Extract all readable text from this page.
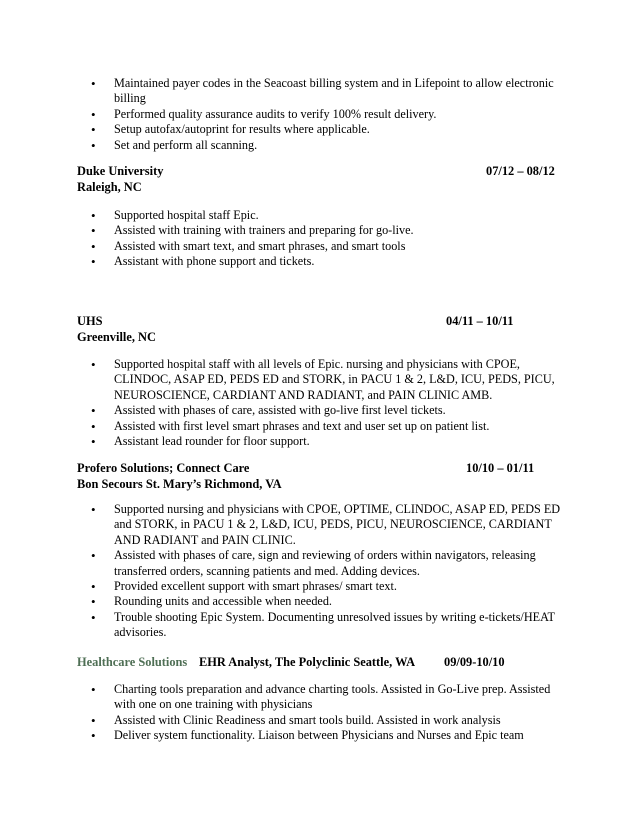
• Maintained payer codes in the Seacoast billing system and in Lifepoint to allow electronic billing
• Performed quality assurance audits to verify 100% result delivery.
• Setup autofax/autoprint for results where applicable.
• Set and perform all scanning.
Duke University	07/12 – 08/12
Raleigh, NC
• Supported hospital staff Epic.
• Assisted with training with trainers and preparing for go-live.
• Assisted with smart text, and smart phrases, and smart tools
• Assistant with phone support and tickets.
UHS	04/11 – 10/11
Greenville, NC
• Supported hospital staff with all levels of Epic. nursing and physicians with CPOE, CLINDOC, ASAP ED, PEDS ED and STORK, in PACU 1 & 2, L&D, ICU, PEDS, PICU, NEUROSCIENCE, CARDIANT AND RADIANT, and PAIN CLINIC AMB.
• Assisted with phases of care, assisted with go-live first level tickets.
• Assisted with first level smart phrases and text and user set up on patient list.
• Assistant lead rounder for floor support.
Profero Solutions; Connect Care	10/10 – 01/11
Bon Secours St. Mary’s Richmond, VA
• Supported nursing and physicians with CPOE, OPTIME, CLINDOC, ASAP ED, PEDS ED and STORK, in PACU 1 & 2, L&D, ICU, PEDS, PICU, NEUROSCIENCE, CARDIANT AND RADIANT and PAIN CLINIC.
• Assisted with phases of care, sign and reviewing of orders within navigators, releasing transferred orders, scanning patients and med. Adding devices.
• Provided excellent support with smart phrases/ smart text.
• Rounding units and accessible when needed.
• Trouble shooting Epic System. Documenting unresolved issues by writing e-tickets/HEAT advisories.
Healthcare Solutions EHR Analyst, The Polyclinic Seattle, WA 09/09-10/10
• Charting tools preparation and advance charting tools. Assisted in Go-Live prep. Assisted with one on one training with physicians
• Assisted with Clinic Readiness and smart tools build. Assisted in work analysis
• Deliver system functionality. Liaison between Physicians and Nurses and Epic team
